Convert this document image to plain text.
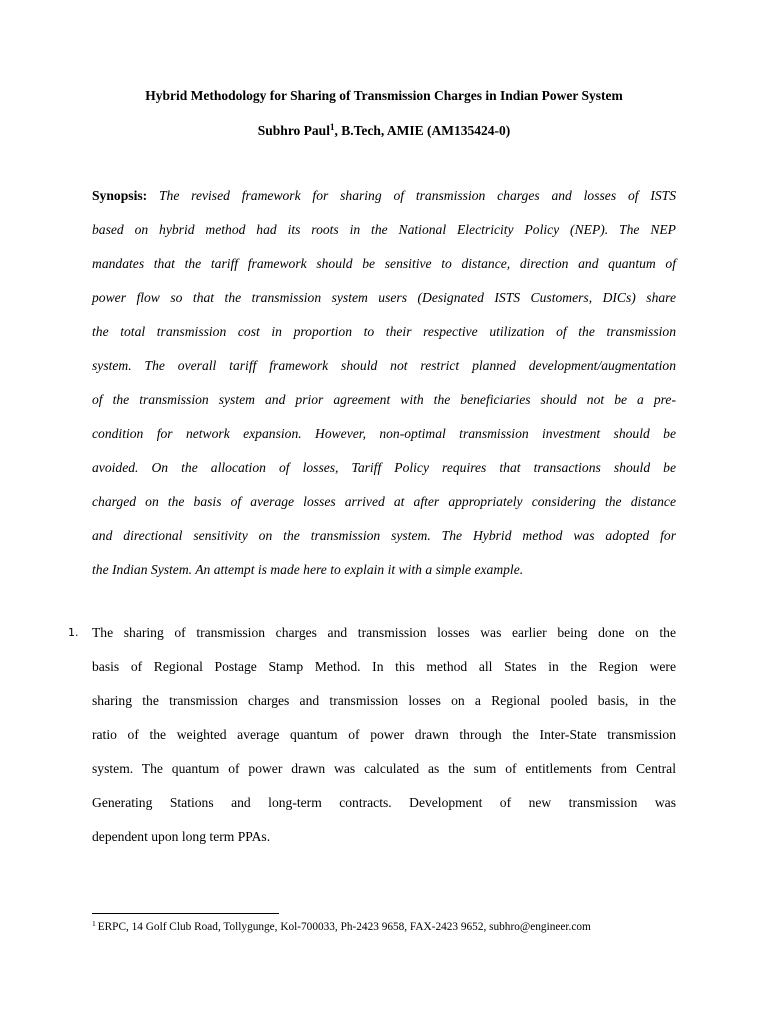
Hybrid Methodology for Sharing of Transmission Charges in Indian Power System
Subhro Paul$^1$, B.Tech, AMIE (AM135424-0)
Synopsis: The revised framework for sharing of transmission charges and losses of ISTS
based on hybrid method had its roots in the National Electricity Policy (NEP). The NEP
mandates that the tariff framework should be sensitive to distance, direction and quantum of
power flow so that the transmission system users (Designated ISTS Customers, DICs) share
the total transmission cost in proportion to their respective utilization of the transmission
system. The overall tariff framework should not restrict planned development/augmentation
of the transmission system and prior agreement with the beneficiaries should not be a pre-
condition for network expansion. However, non-optimal transmission investment should be
avoided. On the allocation of losses, Tariff Policy requires that transactions should be
charged on the basis of average losses arrived at after appropriately considering the distance
and directional sensitivity on the transmission system. The Hybrid method was adopted for
the Indian System. An attempt is made here to explain it with a simple example.
1. The sharing of transmission charges and transmission losses was earlier being done on the
basis of Regional Postage Stamp Method. In this method all States in the Region were
sharing the transmission charges and transmission losses on a Regional pooled basis, in the
ratio of the weighted average quantum of power drawn through the Inter-State transmission
system. The quantum of power drawn was calculated as the sum of entitlements from Central
Generating Stations and long-term contracts. Development of new transmission was
dependent upon long term PPAs.
$^1$ ERPC, 14 Golf Club Road, Tollygunge, Kol-700033, Ph-2423 9658, FAX-2423 9652, subhro@engineer.com
